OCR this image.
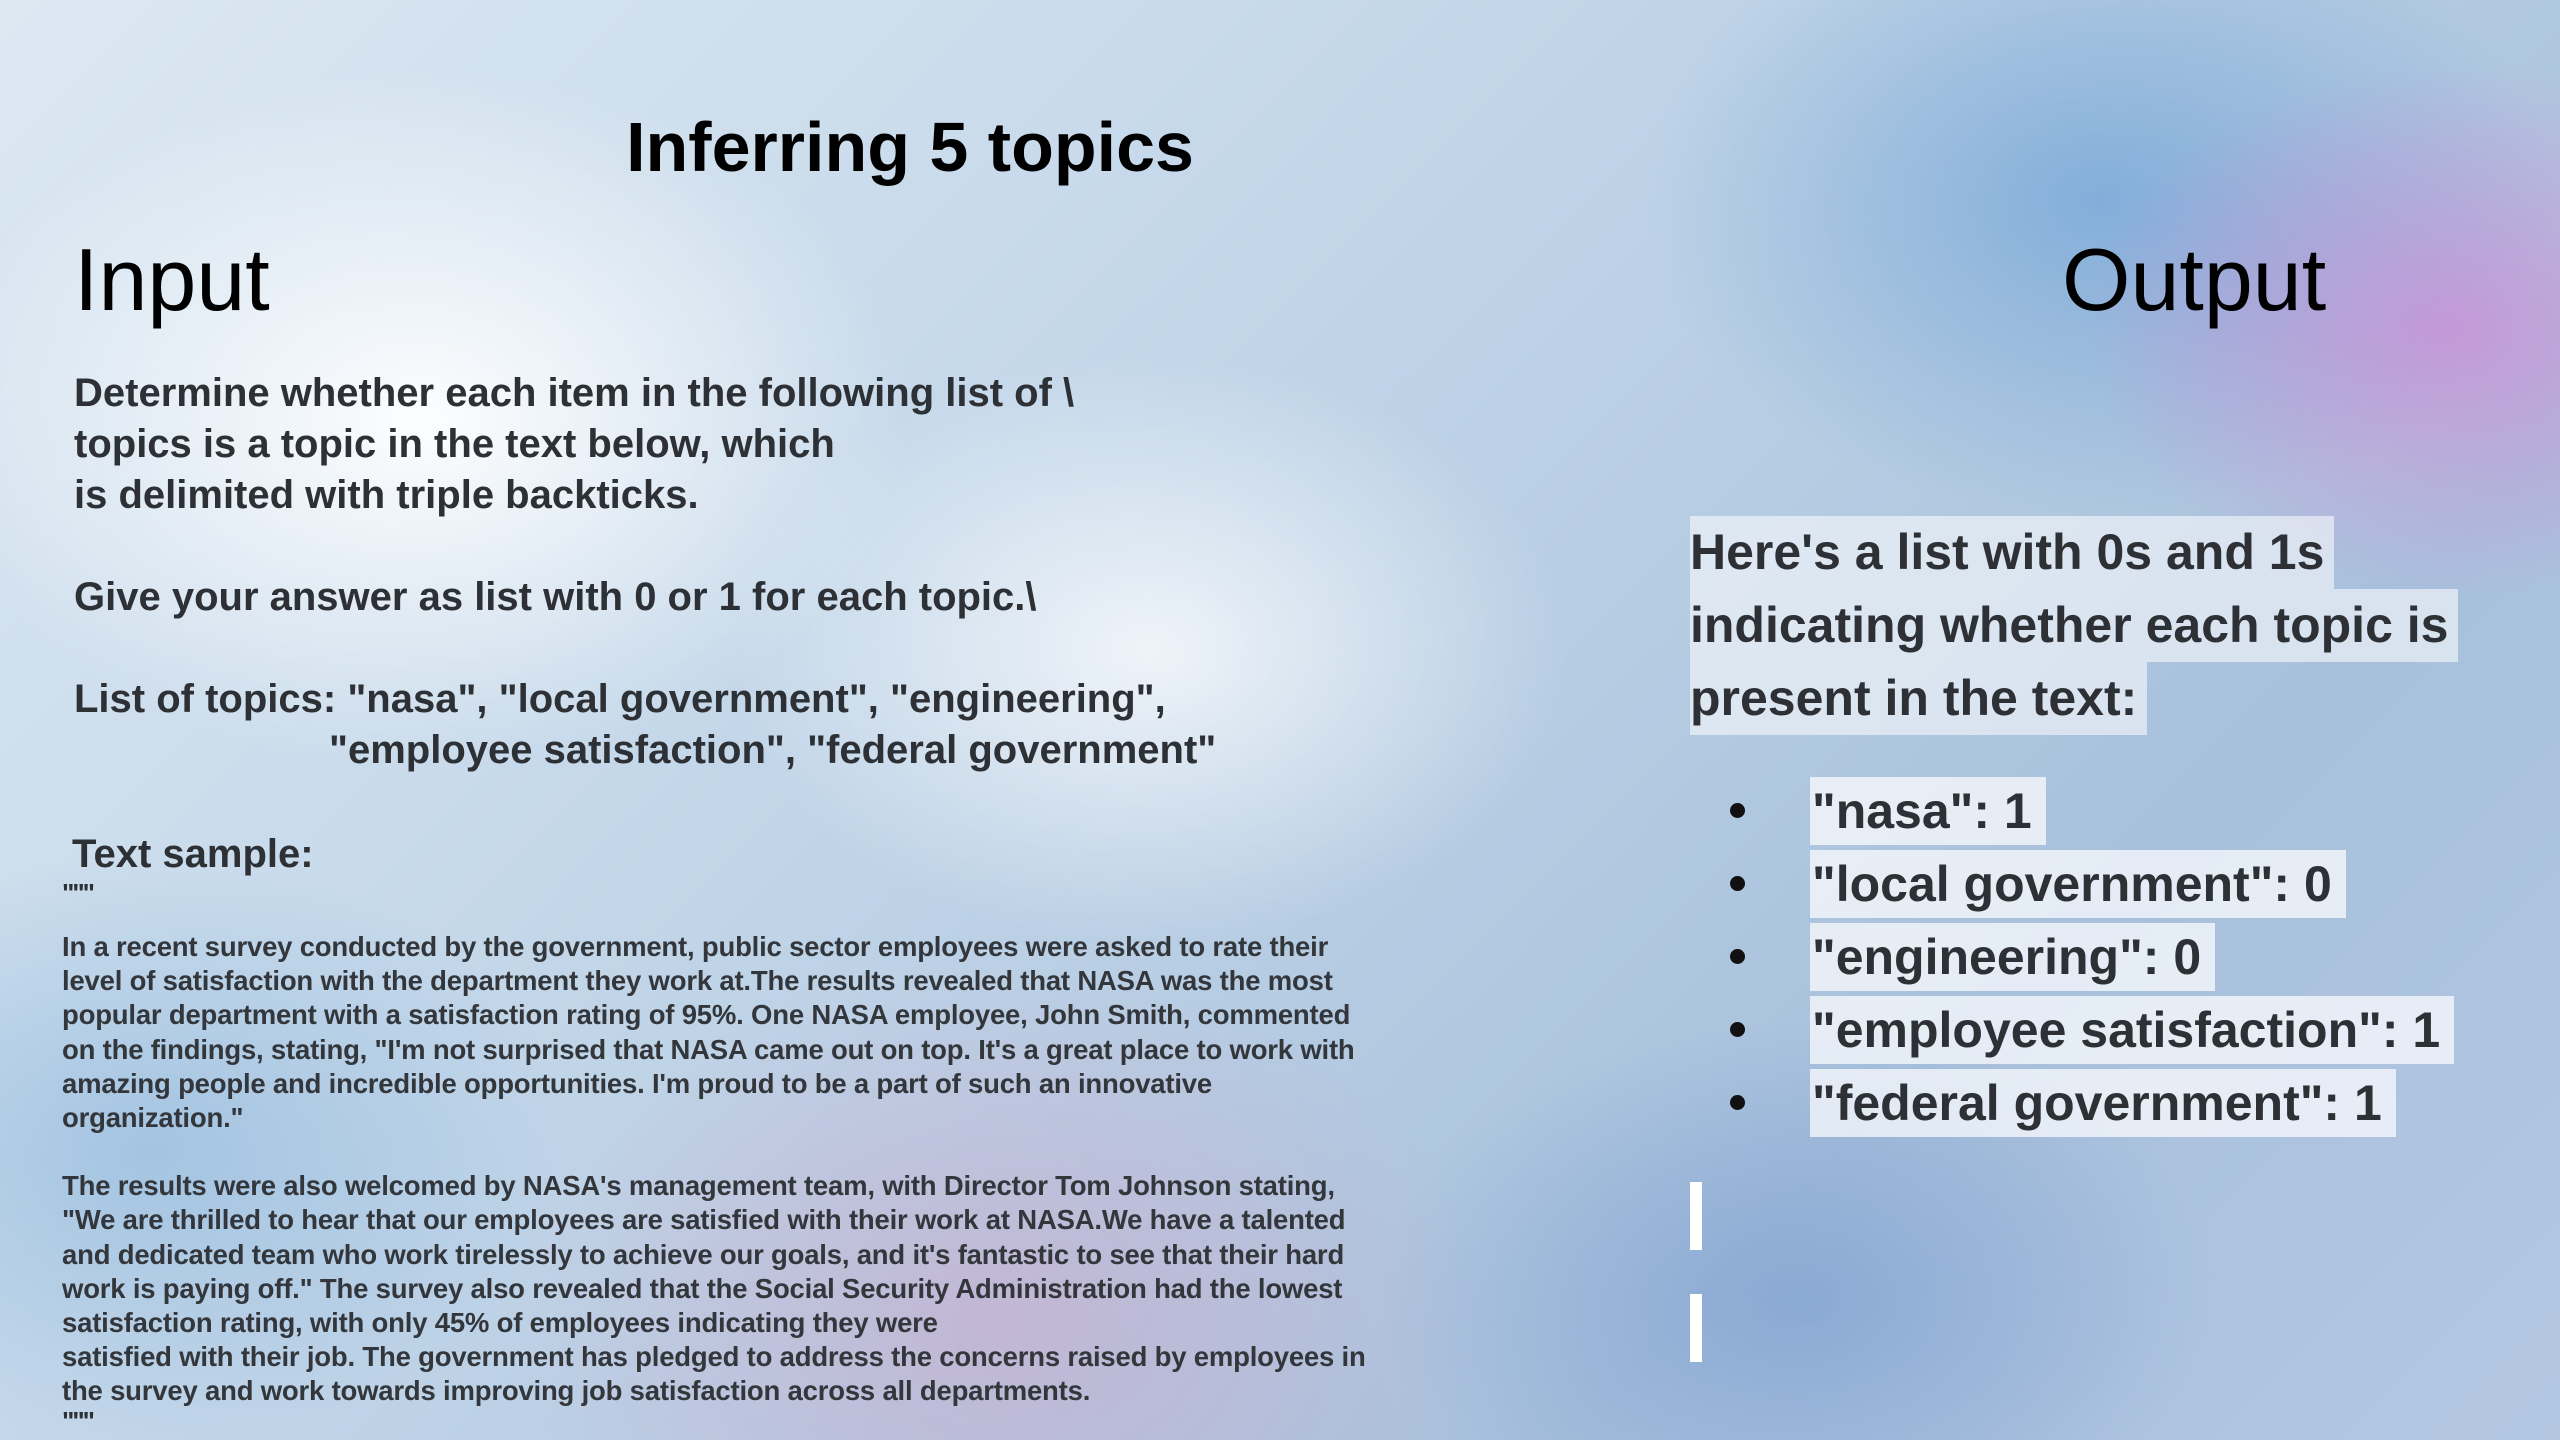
Inferring 5 topics
Input	Output

Determine whether each item in the following list of \
topics is a topic in the text below, which
is delimited with triple backticks.

Give your answer as list with 0 or 1 for each topic.\

List of topics: "nasa", "local government", "engineering",

"employee satisfaction", "federal government"

Text sample:

"""

In a recent survey conducted by the government, public sector employees were asked to rate their
level of satisfaction with the department they work at.The results revealed that NASA was the most
popular department with a satisfaction rating of 95%. One NASA employee, John Smith, commented
on the findings, stating, "I'm not surprised that NASA came out on top. It's a great place to work with
amazing people and incredible opportunities. I'm proud to be a part of such an innovative
organization."

The results were also welcomed by NASA's management team, with Director Tom Johnson stating,
"We are thrilled to hear that our employees are satisfied with their work at NASA.We have a talented
and dedicated team who work tirelessly to achieve our goals, and it's fantastic to see that their hard
work is paying off." The survey also revealed that the Social Security Administration had the lowest
satisfaction rating, with only 45% of employees indicating they were
satisfied with their job. The government has pledged to address the concerns raised by employees in
the survey and work towards improving job satisfaction across all departments.

"""

Here's a list with 0s and 1s
indicating whether each topic is
present in the text:
"nasa": 1
"local government": 0
"engineering": 0
"employee satisfaction": 1
"federal government": 1
